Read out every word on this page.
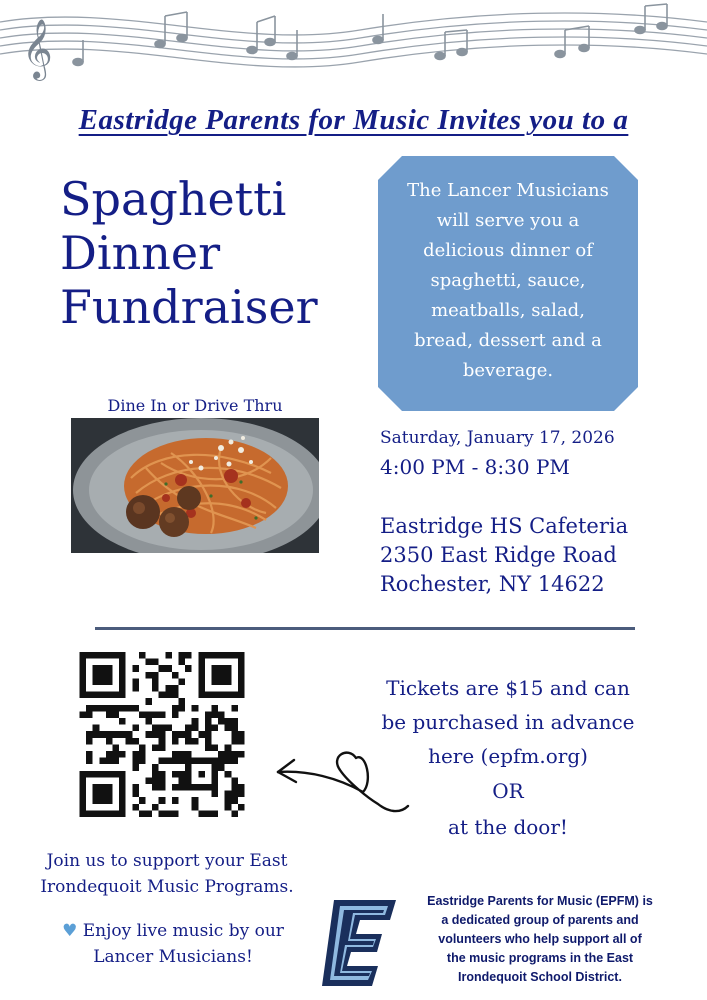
𝄞
Eastridge Parents for Music Invites you to a
Spaghetti
Dinner
Fundraiser
The Lancer Musicians
will serve you a
delicious dinner of
spaghetti, sauce,
meatballs, salad,
bread, dessert and a
beverage.
Dine In or Drive Thru
Saturday, January 17, 2026
4:00 PM - 8:30 PM
Eastridge HS Cafeteria
2350 East Ridge Road
Rochester, NY 14622
Tickets are $15 and can
be purchased in advance
here (epfm.org)
OR
at the door!
Join us to support your East
Irondequoit Music Programs.
♥ Enjoy live music by our
Lancer Musicians!
Eastridge Parents for Music (EPFM) is
a dedicated group of parents and
volunteers who help support all of
the music programs in the East
Irondequoit School District.
